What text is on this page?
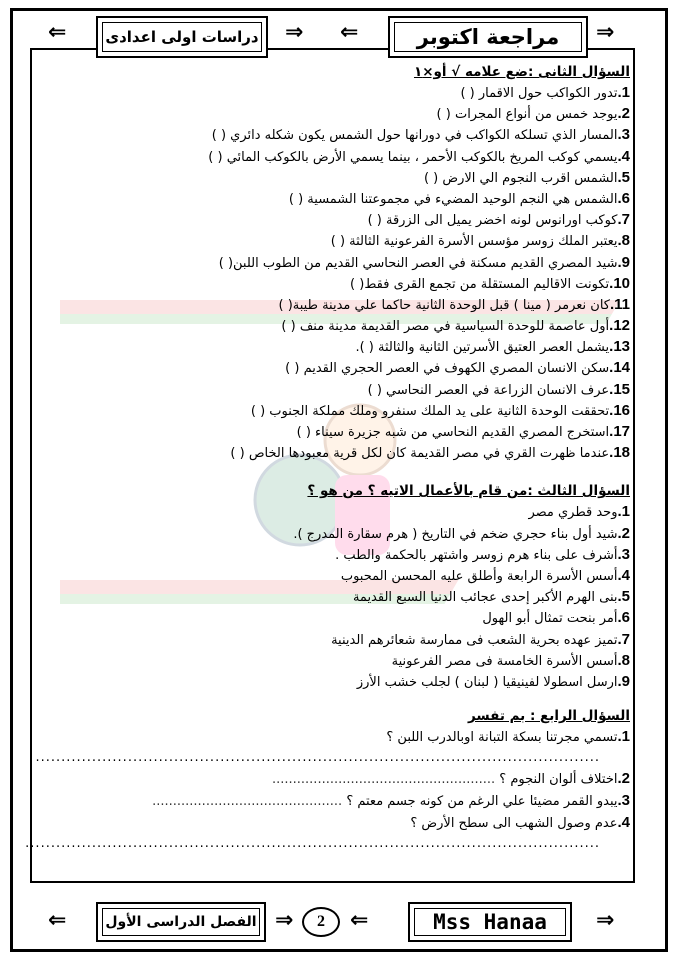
مراجعة اكتوبر
دراسات اولى اعدادى	⇒
⇐
⇒
⇐

السؤال الثانى :ضع علامه √ أو×١

1.تدور الكواكب حول الاقمار ( )
2.يوجد خمس من أنواع المجرات ( )
3.المسار الذي تسلكه الكواكب في دورانها حول الشمس يكون شكله دائري ( )
4.يسمي كوكب المريخ بالكوكب الأحمر ، بينما يسمي الأرض بالكوكب المائي ( )
5.الشمس اقرب النجوم الي الارض ( )
6.الشمس هي النجم الوحيد المضيء في مجموعتنا الشمسية ( )
7.كوكب اورانوس لونه اخضر يميل الى الزرقة ( )
8.يعتبر الملك زوسر مؤسس الأسرة الفرعونية الثالثة ( )
9.شيد المصري القديم مسكنة في العصر النحاسي القديم من الطوب اللبن( )
10.تكونت الاقاليم المستقلة من تجمع القرى فقط( )
11.كان نعرمر ( مينا ) قبل الوحدة الثانية حاكما علي مدينة طيبة( )
12.أول عاصمة للوحدة السياسية في مصر القديمة مدينة منف ( )
13.يشمل العصر العتيق الأسرتين الثانية والثالثة ( ).
14.سكن الانسان المصري الكهوف في العصر الحجري القديم ( )
15.عرف الانسان الزراعة في العصر النحاسي ( )
16.تحققت الوحدة الثانية على يد الملك سنفرو وملك مملكة الجنوب ( )
17.استخرج المصري القديم النحاسي من شبه جزيرة سيناء ( )
18.عندما ظهرت القري في مصر القديمة كان لكل قرية معبودها الخاص ( )

السؤال الثالث :من قام بالأعمال الاتيه ؟ من هو ؟

1.وحد قطري مصر
2.شيد أول بناء حجري ضخم في التاريخ ( هرم سقارة المدرج ).
3.أشرف على بناء هرم زوسر واشتهر بالحكمة والطب .
4.أسس الأسرة الرابعة وأطلق عليه المحسن المحبوب
5.بنى الهرم الأكبر إحدى عجائب الدنيا السبع القديمة
6.أمر بنحت تمثال أبو الهول
7.تميز عهده بحرية الشعب فى ممارسة شعائرهم الدينية
8.أسس الأسرة الخامسة فى مصر الفرعونية
9.ارسل اسطولا لفينيقيا ( لبنان ) لجلب خشب الأرز

السؤال الرابع : بم تفسر

1.تسمي مجرتنا بسكة التبانة اوبالدرب اللبن ؟
..............................................................................................................
2.اختلاف ألوان النجوم ؟ ......................................................
3.يبدو القمر مضيئا علي الرغم من كونه جسم معتم ؟ ..............................................
4.عدم وصول الشهب الى سطح الأرض ؟
................................................................................................................
Mss Hanaa
الفصل الدراسى الأول	2	⇒
⇐
⇒
⇐
